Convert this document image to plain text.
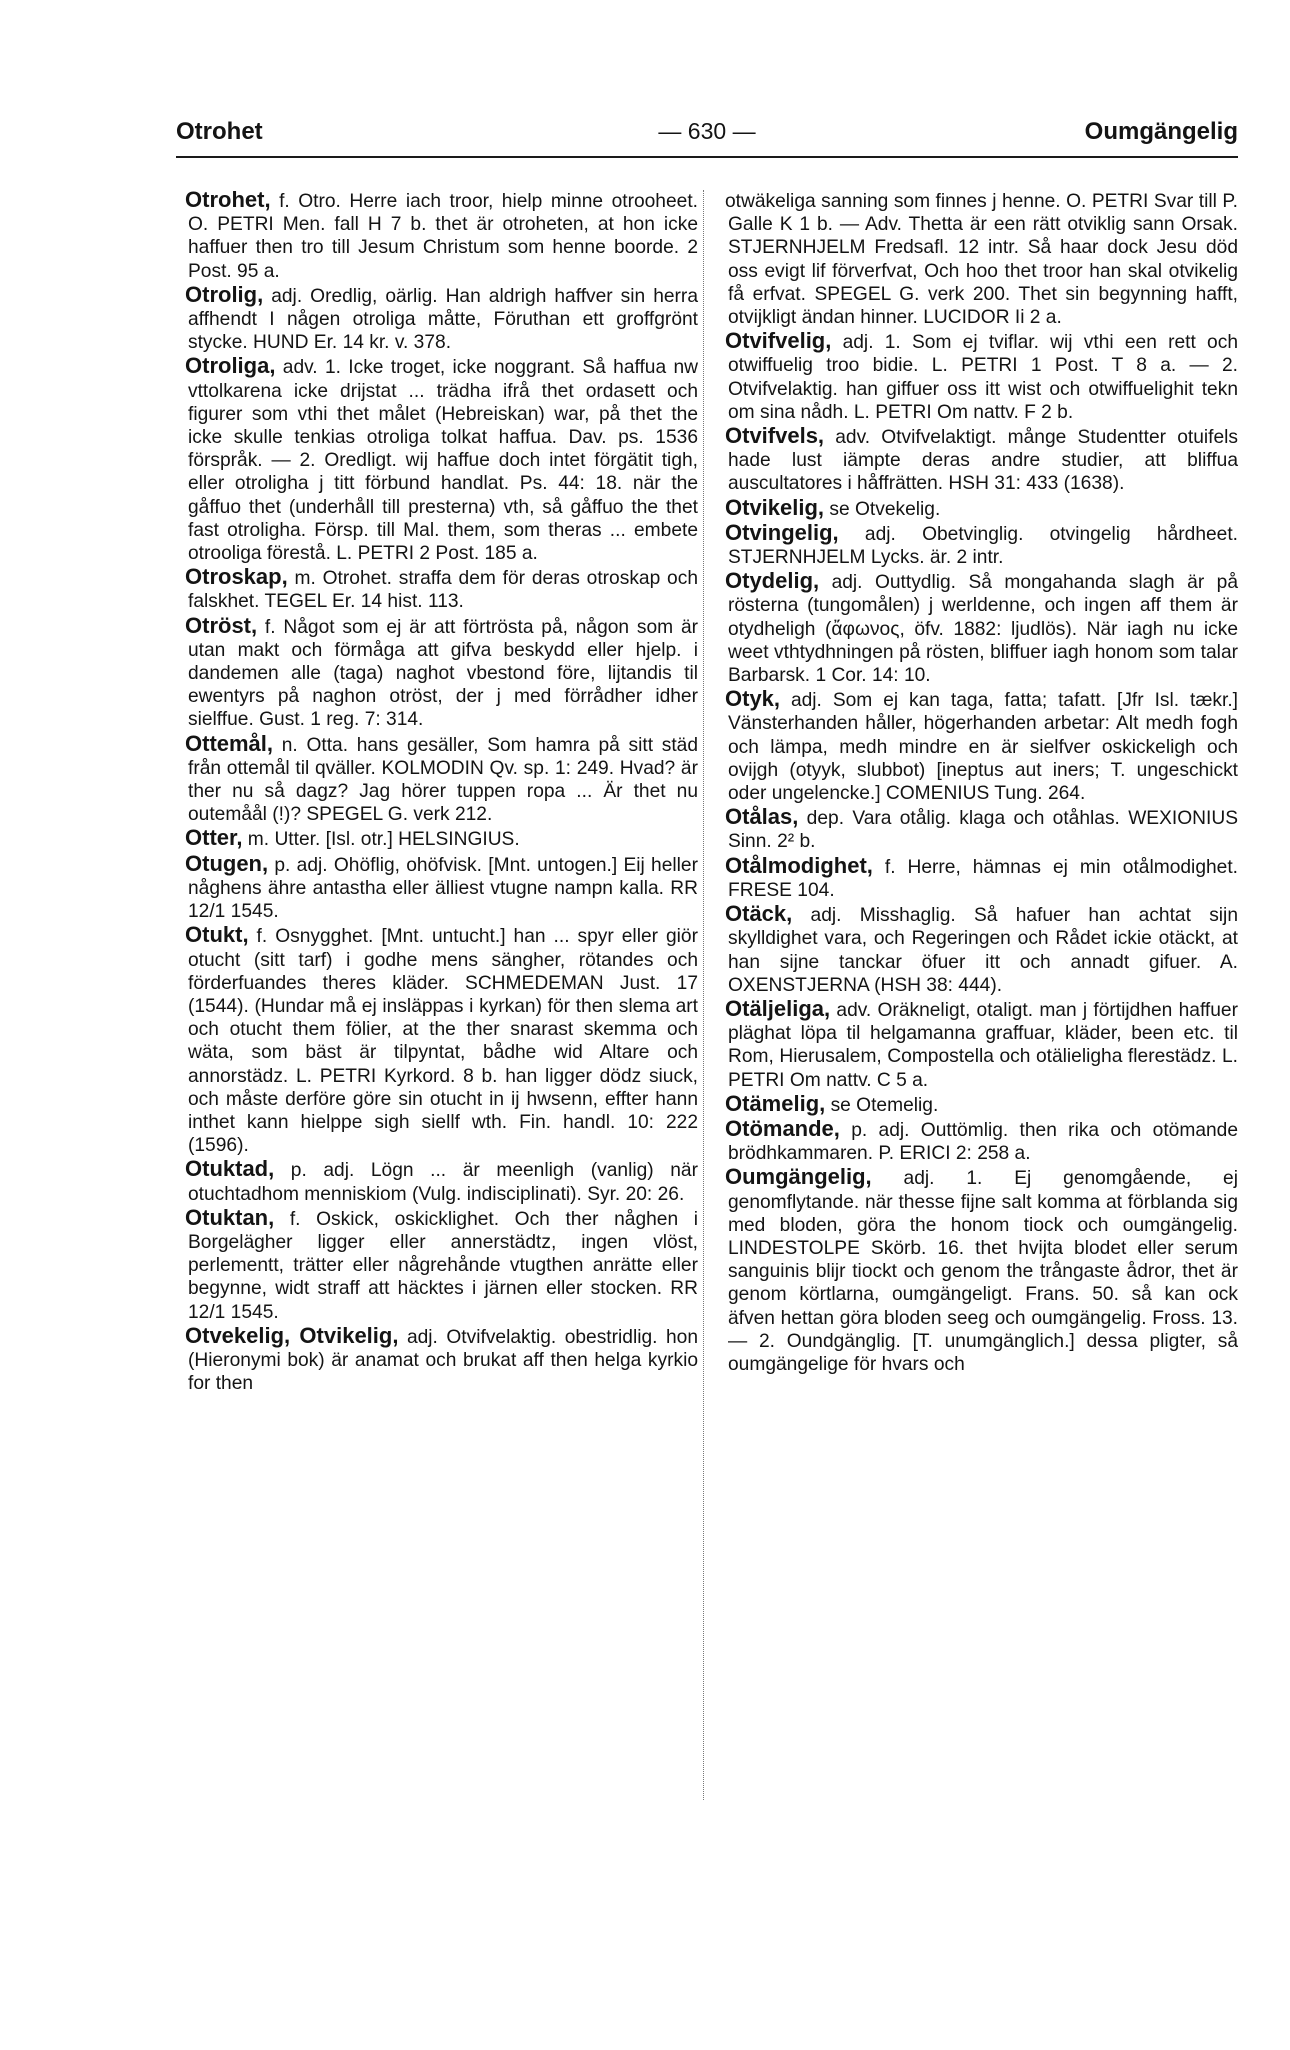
Otrohet	— 630 —	Oumgängelig

Otrohet, f. Otro. Herre iach troor, hielp minne otrooheet. O. PETRI Men. fall H 7 b. thet är otroheten, at hon icke haffuer then tro till Jesum Christum som henne boorde. 2 Post. 95 a.

Otrolig, adj. Oredlig, oärlig. Han aldrigh haffver sin herra affhendt I någen otroliga måtte, Föruthan ett groffgrönt stycke. HUND Er. 14 kr. v. 378.

Otroliga, adv. 1. Icke troget, icke noggrant. Så haffua nw vttolkarena icke drijstat ... trädha ifrå thet ordasett och figurer som vthi thet målet (Hebreiskan) war, på thet the icke skulle tenkias otroliga tolkat haffua. Dav. ps. 1536 förspråk. — 2. Oredligt. wij haffue doch intet förgätit tigh, eller otroligha j titt förbund handlat. Ps. 44: 18. när the gåffuo thet (underhåll till presterna) vth, så gåffuo the thet fast otroligha. Försp. till Mal. them, som theras ... embete otrooliga förestå. L. PETRI 2 Post. 185 a.

Otroskap, m. Otrohet. straffa dem för deras otroskap och falskhet. TEGEL Er. 14 hist. 113.

Otröst, f. Något som ej är att förtrösta på, någon som är utan makt och förmåga att gifva beskydd eller hjelp. i dandemen alle (taga) naghot vbestond före, lijtandis til ewentyrs på naghon otröst, der j med förrådher idher sielffue. Gust. 1 reg. 7: 314.

Ottemål, n. Otta. hans gesäller, Som hamra på sitt städ från ottemål til qväller. KOLMODIN Qv. sp. 1: 249. Hvad? är ther nu så dagz? Jag hörer tuppen ropa ... Är thet nu outemåål (!)? SPEGEL G. verk 212.

Otter, m. Utter. [Isl. otr.] HELSINGIUS.

Otugen, p. adj. Ohöflig, ohöfvisk. [Mnt. untogen.] Eij heller någhens ähre antastha eller älliest vtugne nampn kalla. RR 12/1 1545.

Otukt, f. Osnygghet. [Mnt. untucht.] han ... spyr eller giör otucht (sitt tarf) i godhe mens sängher, rötandes och förderfuandes theres kläder. SCHMEDEMAN Just. 17 (1544). (Hundar må ej insläppas i kyrkan) för then slema art och otucht them fölier, at the ther snarast skemma och wäta, som bäst är tilpyntat, bådhe wid Altare och annorstädz. L. PETRI Kyrkord. 8 b. han ligger dödz siuck, och måste derföre göre sin otucht in ij hwsenn, effter hann inthet kann hielppe sigh siellf wth. Fin. handl. 10: 222 (1596).

Otuktad, p. adj. Lögn ... är meenligh (vanlig) när otuchtadhom menniskiom (Vulg. indisciplinati). Syr. 20: 26.

Otuktan, f. Oskick, oskicklighet. Och ther någhen i Borgelägher ligger eller annerstädtz, ingen vlöst, perlementt, trätter eller någrehånde vtugthen anrätte eller begynne, widt straff att häcktes i järnen eller stocken. RR 12/1 1545.

Otvekelig, Otvikelig, adj. Otvifvelaktig. obestridlig. hon (Hieronymi bok) är anamat och brukat aff then helga kyrkio for then

otwäkeliga sanning som finnes j henne. O. PETRI Svar till P. Galle K 1 b. — Adv. Thetta är een rätt otviklig sann Orsak. STJERNHJELM Fredsafl. 12 intr. Så haar dock Jesu död oss evigt lif förverfvat, Och hoo thet troor han skal otvikelig få erfvat. SPEGEL G. verk 200. Thet sin begynning hafft, otvijkligt ändan hinner. LUCIDOR Ii 2 a.

Otvifvelig, adj. 1. Som ej tviflar. wij vthi een rett och otwiffuelig troo bidie. L. PETRI 1 Post. T 8 a. — 2. Otvifvelaktig. han giffuer oss itt wist och otwiffuelighit tekn om sina nådh. L. PETRI Om nattv. F 2 b.

Otvifvels, adv. Otvifvelaktigt. månge Studentter otuifels hade lust iämpte deras andre studier, att bliffua auscultatores i håffrätten. HSH 31: 433 (1638).

Otvikelig, se Otvekelig.

Otvingelig, adj. Obetvinglig. otvingelig hårdheet. STJERNHJELM Lycks. är. 2 intr.

Otydelig, adj. Outtydlig. Så mongahanda slagh är på rösterna (tungomålen) j werldenne, och ingen aff them är otydheligh (ἄφωνος, öfv. 1882: ljudlös). När iagh nu icke weet vthtydhningen på rösten, bliffuer iagh honom som talar Barbarsk. 1 Cor. 14: 10.

Otyk, adj. Som ej kan taga, fatta; tafatt. [Jfr Isl. tækr.] Vänsterhanden håller, högerhanden arbetar: Alt medh fogh och lämpa, medh mindre en är sielfver oskickeligh och ovijgh (otyyk, slubbot) [ineptus aut iners; T. ungeschickt oder ungelencke.] COMENIUS Tung. 264.

Otålas, dep. Vara otålig. klaga och otåhlas. WEXIONIUS Sinn. 2² b.

Otålmodighet, f. Herre, hämnas ej min otålmodighet. FRESE 104.

Otäck, adj. Misshaglig. Så hafuer han achtat sijn skylldighet vara, och Regeringen och Rådet ickie otäckt, at han sijne tanckar öfuer itt och annadt gifuer. A. OXENSTJERNA (HSH 38: 444).

Otäljeliga, adv. Oräkneligt, otaligt. man j förtijdhen haffuer pläghat löpa til helgamanna graffuar, kläder, been etc. til Rom, Hierusalem, Compostella och otälieligha flerestädz. L. PETRI Om nattv. C 5 a.

Otämelig, se Otemelig.

Otömande, p. adj. Outtömlig. then rika och otömande brödhkammaren. P. ERICI 2: 258 a.

Oumgängelig, adj. 1. Ej genomgående, ej genomflytande. när thesse fijne salt komma at förblanda sig med bloden, göra the honom tiock och oumgängelig. LINDESTOLPE Skörb. 16. thet hvijta blodet eller serum sanguinis blijr tiockt och genom the trångaste ådror, thet är genom körtlarna, oumgängeligt. Frans. 50. så kan ock äfven hettan göra bloden seeg och oumgängelig. Fross. 13. — 2. Oundgänglig. [T. unumgänglich.] dessa pligter, så oumgängelige för hvars och
